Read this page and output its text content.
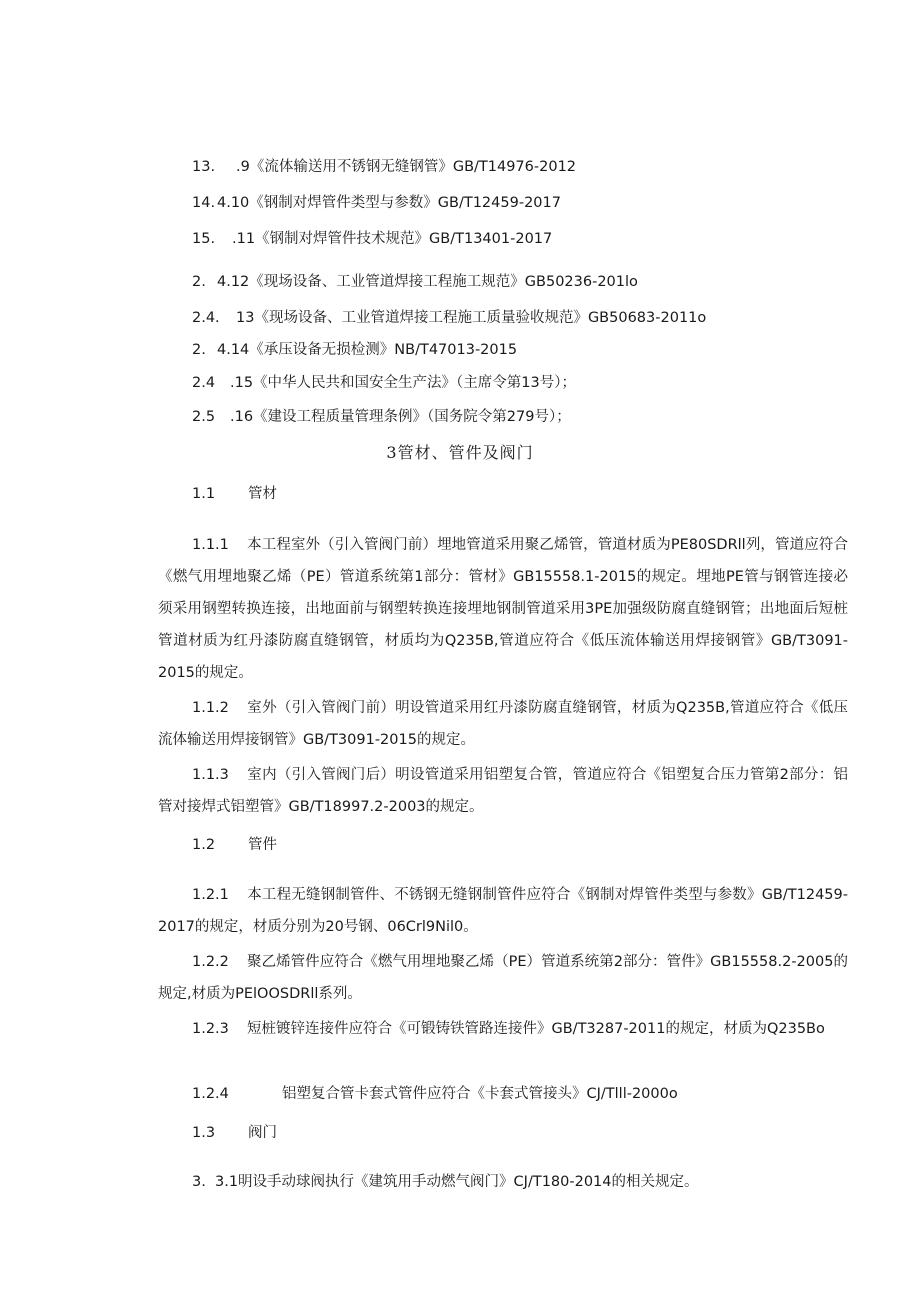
13. .9《流体输送用不锈钢无缝钢管》GB/T14976-2012
14. 4.10《钢制对焊管件类型与参数》GB/T12459-2017
15. .11《钢制对焊管件技术规范》GB/T13401-2017
2. 4.12《现场设备、工业管道焊接工程施工规范》GB50236-201lo
2.4. 13《现场设备、工业管道焊接工程施工质量验收规范》GB50683-2011o
2. 4.14《承压设备无损检测》NB/T47013-2015
2.4 .15《中华人民共和国安全生产法》（主席令第13号）；
2.5 .16《建设工程质量管理条例》（国务院令第279号）；
3管材、管件及阀门
1.1 管材
1.1.1 本工程室外（引入管阀门前）埋地管道采用聚乙烯管，管道材质为PE80SDRll列，管道应符合《燃气用埋地聚乙烯（PE）管道系统第1部分：管材》GB15558.1-2015的规定。埋地PE管与钢管连接必须采用钢塑转换连接，出地面前与钢塑转换连接埋地钢制管道采用3PE加强级防腐直缝钢管；出地面后短桩管道材质为红丹漆防腐直缝钢管，材质均为Q235B,管道应符合《低压流体输送用焊接钢管》GB/T3091-2015的规定。
1.1.2 室外（引入管阀门前）明设管道采用红丹漆防腐直缝钢管，材质为Q235B,管道应符合《低压流体输送用焊接钢管》GB/T3091-2015的规定。
1.1.3 室内（引入管阀门后）明设管道采用铝塑复合管，管道应符合《铝塑复合压力管第2部分：铝管对接焊式铝塑管》GB/T18997.2-2003的规定。
1.2 管件
1.2.1 本工程无缝钢制管件、不锈钢无缝钢制管件应符合《钢制对焊管件类型与参数》GB/T12459-2017的规定，材质分别为20号钢、06Crl9Nil0。
1.2.2 聚乙烯管件应符合《燃气用埋地聚乙烯（PE）管道系统第2部分：管件》GB15558.2-2005的规定,材质为PElOOSDRll系列。
1.2.3 短桩镀锌连接件应符合《可锻铸铁管路连接件》GB/T3287-2011的规定，材质为Q235Bo
1.2.4	铝塑复合管卡套式管件应符合《卡套式管接头》CJ/Tlll-2000o
1.3 阀门
3. 3.1明设手动球阀执行《建筑用手动燃气阀门》CJ/T180-2014的相关规定。
